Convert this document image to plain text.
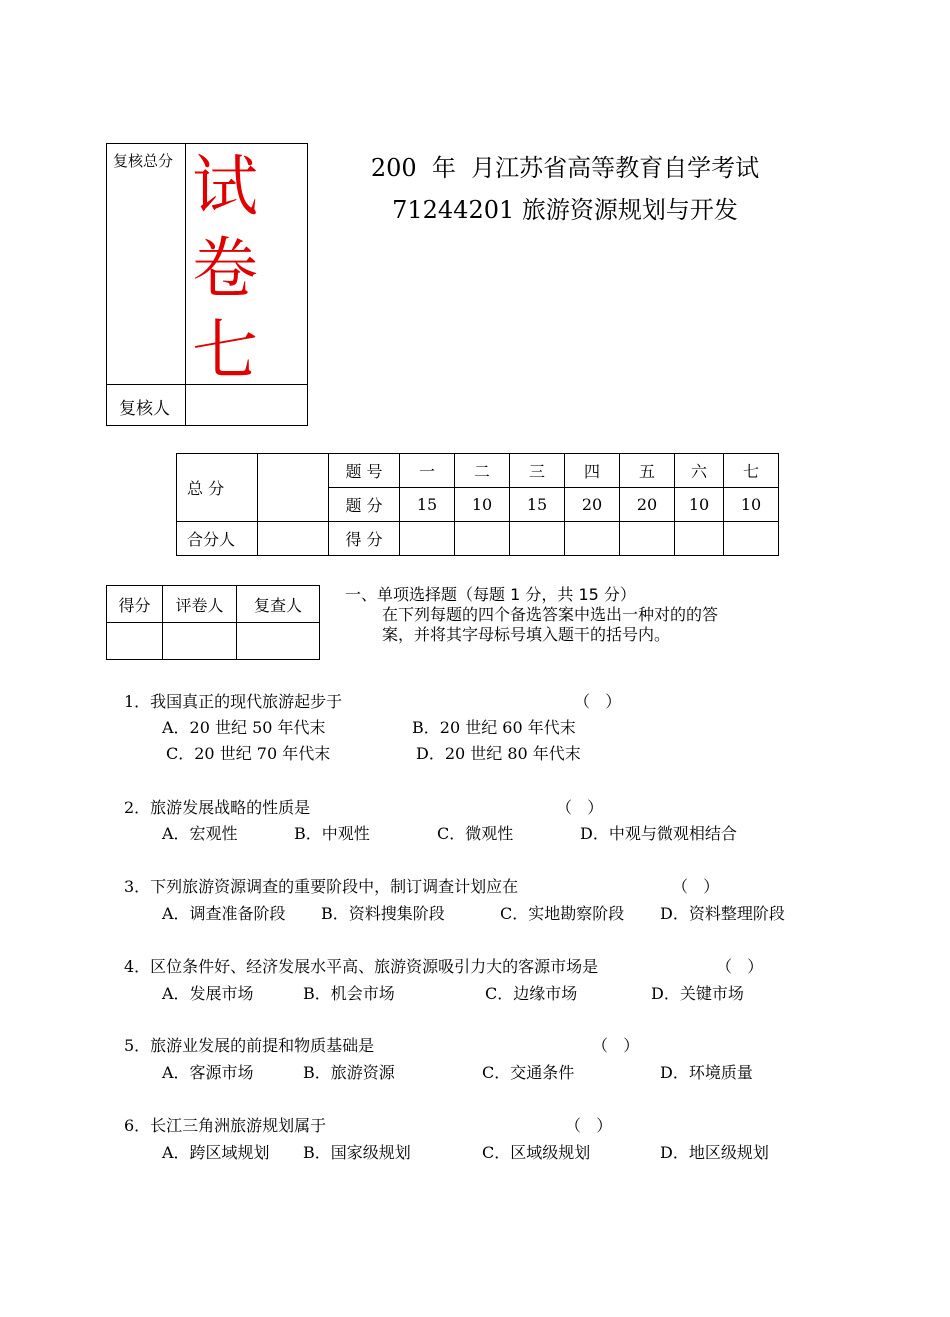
复核总分 试
卷
七
复核人
200  年  月江苏省高等教育自学考试
71244201 旅游资源规划与开发
总 分		题 号	一	二	三	四	五	六	七
		题 分	15	10	15	20	20	10	10
合分人		得 分							
得分	评卷人	复查人

一、单项选择题（每题 1 分，共 15 分）
在下列每题的四个备选答案中选出一种对的的答
案，并将其字母标号填入题干的括号内。
1．我国真正的现代旅游起步于	（   ）
A．20 世纪 50 年代末	B．20 世纪 60 年代末
C．20 世纪 70 年代末	D．20 世纪 80 年代末
2．旅游发展战略的性质是	（   ）
A．宏观性	B．中观性	C．微观性	D．中观与微观相结合
3．下列旅游资源调查的重要阶段中，制订调查计划应在	（   ）
A．调查准备阶段 B．资料搜集阶段	C．实地勘察阶段 D．资料整理阶段
4．区位条件好、经济发展水平高、旅游资源吸引力大的客源市场是	（   ）
A．发展市场	B．机会市场	C．边缘市场	D．关键市场
5．旅游业发展的前提和物质基础是	（   ）
A．客源市场	B．旅游资源	C．交通条件	D．环境质量
6．长江三角洲旅游规划属于	（   ）
A．跨区域规划 B．国家级规划	C．区域级规划	D．地区级规划
